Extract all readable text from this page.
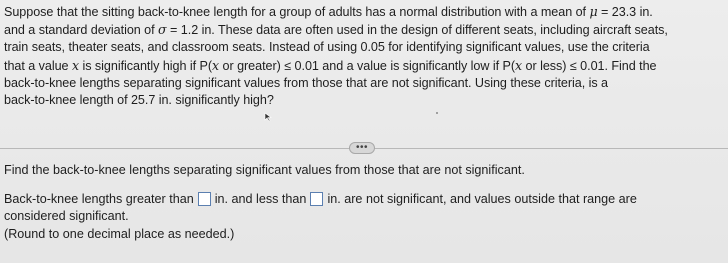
Suppose that the sitting back-to-knee length for a group of adults has a normal distribution with a mean of μ = 23.3 in.
and a standard deviation of σ = 1.2 in. These data are often used in the design of different seats, including aircraft seats,
train seats, theater seats, and classroom seats. Instead of using 0.05 for identifying significant values, use the criteria
that a value x is significantly high if P(x or greater) ≤ 0.01 and a value is significantly low if P(x or less) ≤ 0.01. Find the
back-to-knee lengths separating significant values from those that are not significant. Using these criteria, is a
back-to-knee length of 25.7 in. significantly high?
•••
Find the back-to-knee lengths separating significant values from those that are not significant.
Back-to-knee lengths greater than in. and less than in. are not significant, and values outside that range are
considered significant.
(Round to one decimal place as needed.)
